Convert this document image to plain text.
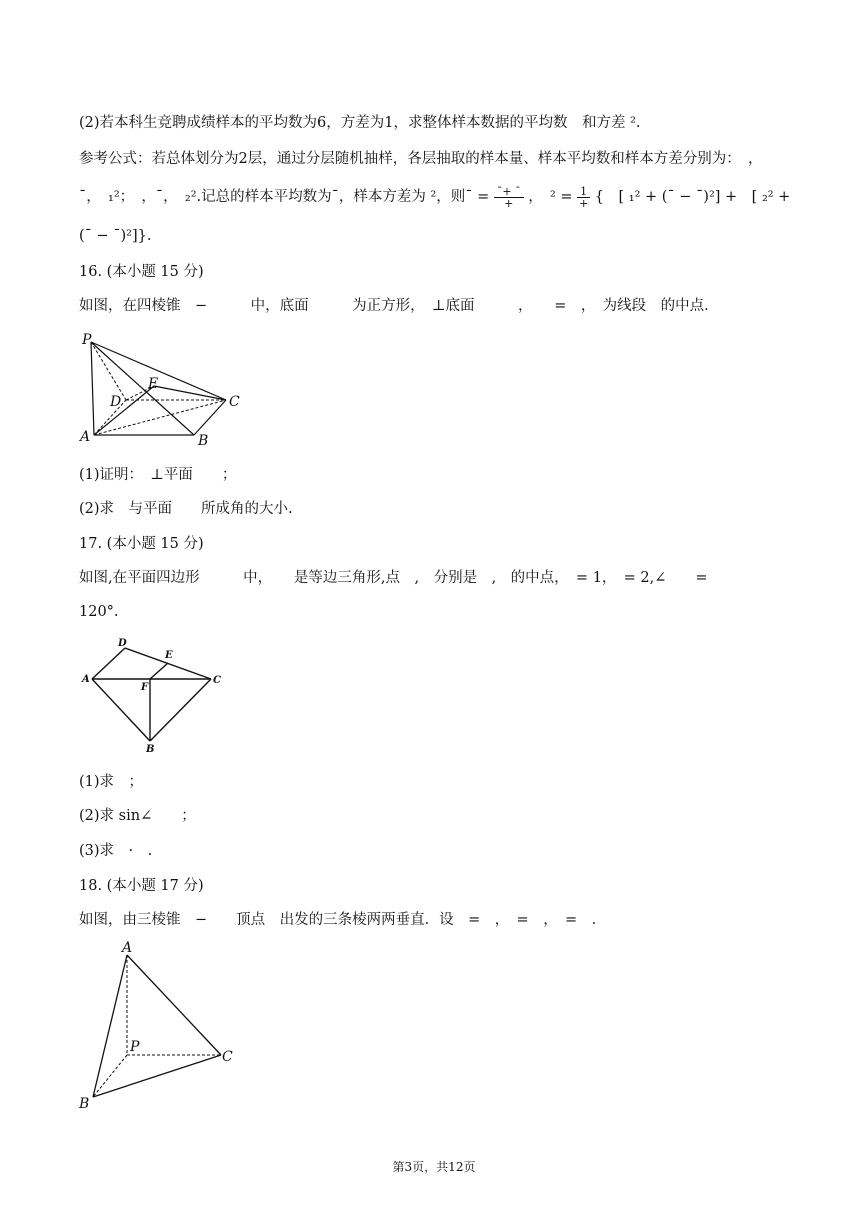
(2)若本科生竞聘成绩样本的平均数为6，方差为1，求整体样本数据的平均数　和方差 ².
参考公式：若总体划分为2层，通过分层随机抽样，各层抽取的样本量、样本平均数和样本方差分别为：　，
¯，　₁²；　，¯，　₂².记总的样本平均数为¯，样本方差为 ²，则¯ = $\frac{¯+ ¯}{+}$ ，　$^2 = \frac{1}{+}$ {　[ ₁² + (¯ − ¯)²] +　[ ₂² +
(¯ − ¯)²]}.
16. (本小题 15 分)
如图，在四棱锥　−　　　中，底面　　　为正方形，　⊥底面　　　，　　=　，　为线段　的中点.
P
E
D	C
A	B
(1)证明：　⊥平面　　；
(2)求　与平面　　所成角的大小.
17. (本小题 15 分)
如图,在平面四边形　　　中，　　是等边三角形,点　,　分别是　,　的中点，　= 1，　= 2,∠　　=
120°.
D
E
A
F
C
B
(1)求　；
(2)求 sin∠　　；
(3)求　·　.
18. (本小题 17 分)
如图，由三棱锥　−　　顶点　出发的三条棱两两垂直．设　=　，　=　，　=　.
A
P
C
B
第3页，共12页
